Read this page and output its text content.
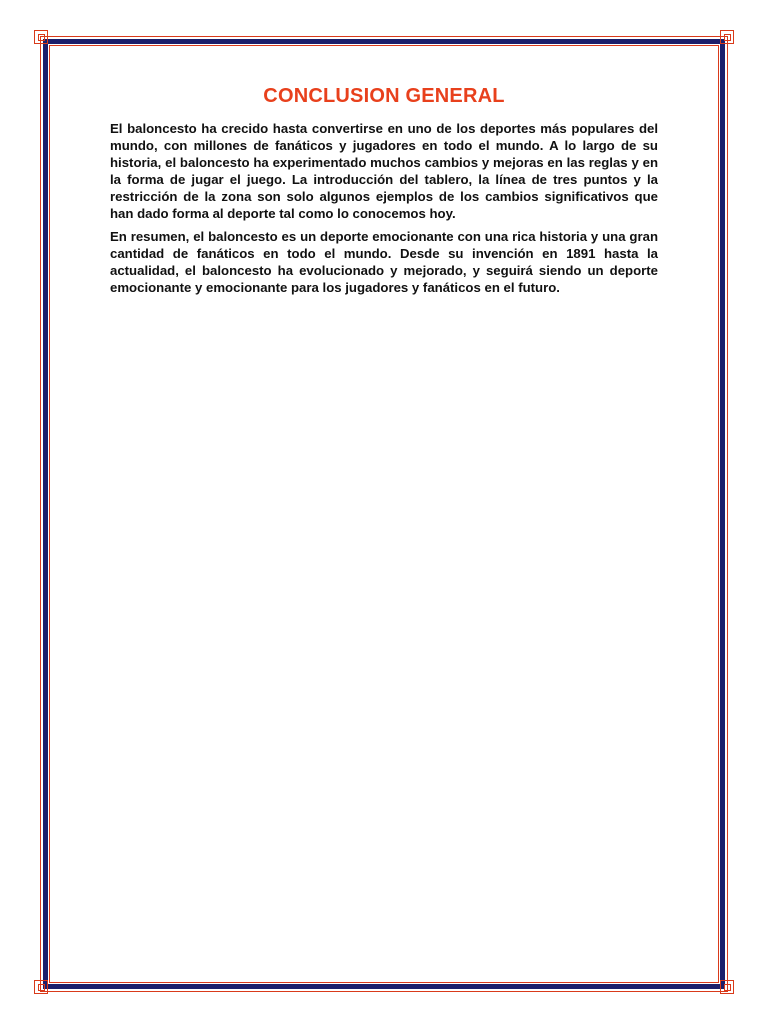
CONCLUSION GENERAL

El baloncesto ha crecido hasta convertirse en uno de los deportes más populares del mundo, con millones de fanáticos y jugadores en todo el mundo. A lo largo de su historia, el baloncesto ha experimentado muchos cambios y mejoras en las reglas y en la forma de jugar el juego. La introducción del tablero, la línea de tres puntos y la restricción de la zona son solo algunos ejemplos de los cambios significativos que han dado forma al deporte tal como lo conocemos hoy.

En resumen, el baloncesto es un deporte emocionante con una rica historia y una gran cantidad de fanáticos en todo el mundo. Desde su invención en 1891 hasta la actualidad, el baloncesto ha evolucionado y mejorado, y seguirá siendo un deporte emocionante y emocionante para los jugadores y fanáticos en el futuro.
